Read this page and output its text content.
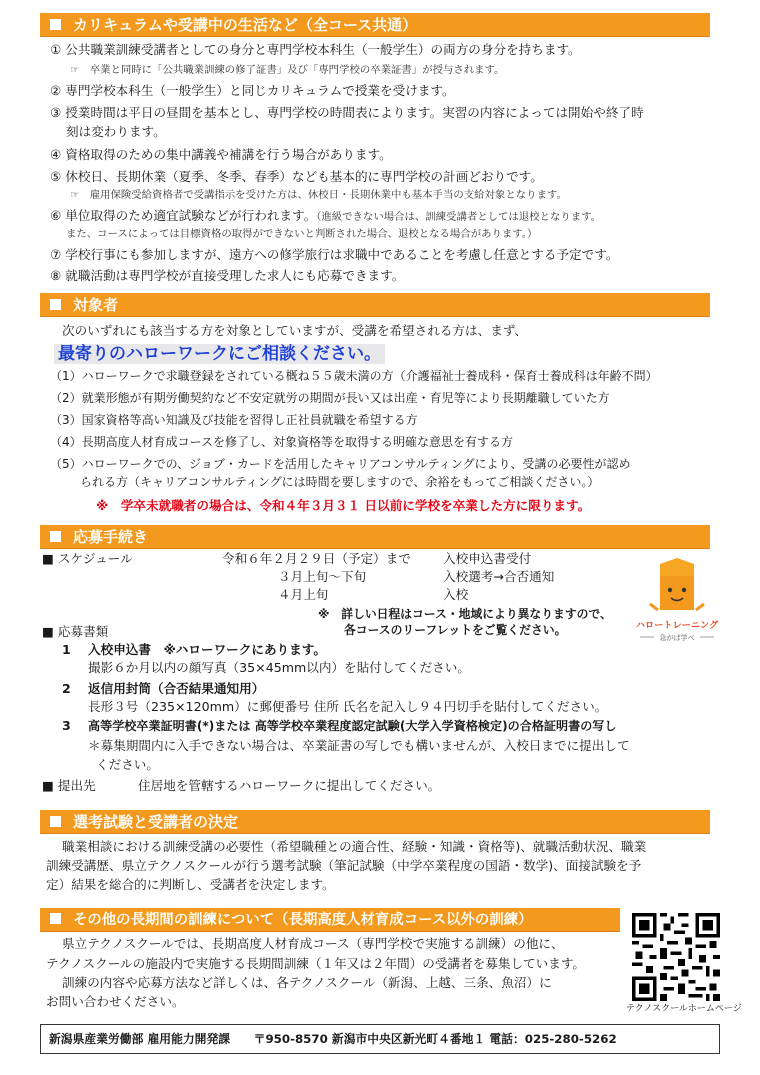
カリキュラムや受講中の生活など（全コース共通）
① 公共職業訓練受講者としての身分と専門学校本科生（一般学生）の両方の身分を持ちます。
☞　卒業と同時に「公共職業訓練の修了証書」及び「専門学校の卒業証書」が授与されます。
② 専門学校本科生（一般学生）と同じカリキュラムで授業を受けます。
③ 授業時間は平日の昼間を基本とし、専門学校の時間表によります。実習の内容によっては開始や終了時
刻は変わります。
④ 資格取得のための集中講義や補講を行う場合があります。
⑤ 休校日、長期休業（夏季、冬季、春季）なども基本的に専門学校の計画どおりです。
☞　雇用保険受給資格者で受講指示を受けた方は、休校日・長期休業中も基本手当の支給対象となります。
⑥ 単位取得のため適宜試験などが行われます。（進級できない場合は、訓練受講者としては退校となります。
また、コースによっては目標資格の取得ができないと判断された場合、退校となる場合があります。）
⑦ 学校行事にも参加しますが、遠方への修学旅行は求職中であることを考慮し任意とする予定です。
⑧ 就職活動は専門学校が直接受理した求人にも応募できます。
対象者
次のいずれにも該当する方を対象としていますが、受講を希望される方は、まず、
最寄りのハローワークにご相談ください。
（1）ハローワークで求職登録をされている概ね５５歳未満の方（介護福祉士養成科・保育士養成科は年齢不問）
（2）就業形態が有期労働契約など不安定就労の期間が長い又は出産・育児等により長期離職していた方
（3）国家資格等高い知識及び技能を習得し正社員就職を希望する方
（4）長期高度人材育成コースを修了し、対象資格等を取得する明確な意思を有する方
（5）ハローワークでの、ジョブ・カードを活用したキャリアコンサルティングにより、受講の必要性が認め
られる方（キャリアコンサルティングには時間を要しますので、余裕をもってご相談ください。）
※　学卒未就職者の場合は、令和４年３月３１ 日以前に学校を卒業した方に限ります。
応募手続き
■ スケジュール	令和６年２月２９日（予定）まで	入校申込書受付
３月上旬～下旬	入校選考→合否通知
４月上旬	入校
※　詳しい日程はコース・地域により異なりますので、
各コースのリーフレットをご覧ください。	ハロートレーニング
急がば学べ
■ 応募書類
1 入校申込書　※ハローワークにあります。
撮影６か月以内の顔写真（35×45mm以内）を貼付してください。
2 返信用封筒（合否結果通知用）
長形３号（235×120mm）に郵便番号 住所 氏名を記入し９４円切手を貼付してください。
3 高等学校卒業証明書(*)または 高等学校卒業程度認定試験(大学入学資格検定)の合格証明書の写し
＊募集期間内に入手できない場合は、卒業証書の写しでも構いませんが、入校日までに提出して
ください。
■ 提出先	住居地を管轄するハローワークに提出してください。
選考試験と受講者の決定
職業相談における訓練受講の必要性（希望職種との適合性、経験・知識・資格等)、就職活動状況、職業
訓練受講歴、県立テクノスクールが行う選考試験（筆記試験（中学卒業程度の国語・数学)、面接試験を予
定）結果を総合的に判断し、受講者を決定します。
その他の長期間の訓練について（長期高度人材育成コース以外の訓練）
県立テクノスクールでは、長期高度人材育成コース（専門学校で実施する訓練）の他に、
テクノスクールの施設内で実施する長期間訓練（１年又は２年間）の受講者を募集しています。
訓練の内容や応募方法など詳しくは、各テクノスクール（新潟、上越、三条、魚沼）に
お問い合わせください。	テクノスクールホームページ
新潟県産業労働部 雇用能力開発課　　〒950-8570 新潟市中央区新光町４番地１ 電話：025-280-5262
